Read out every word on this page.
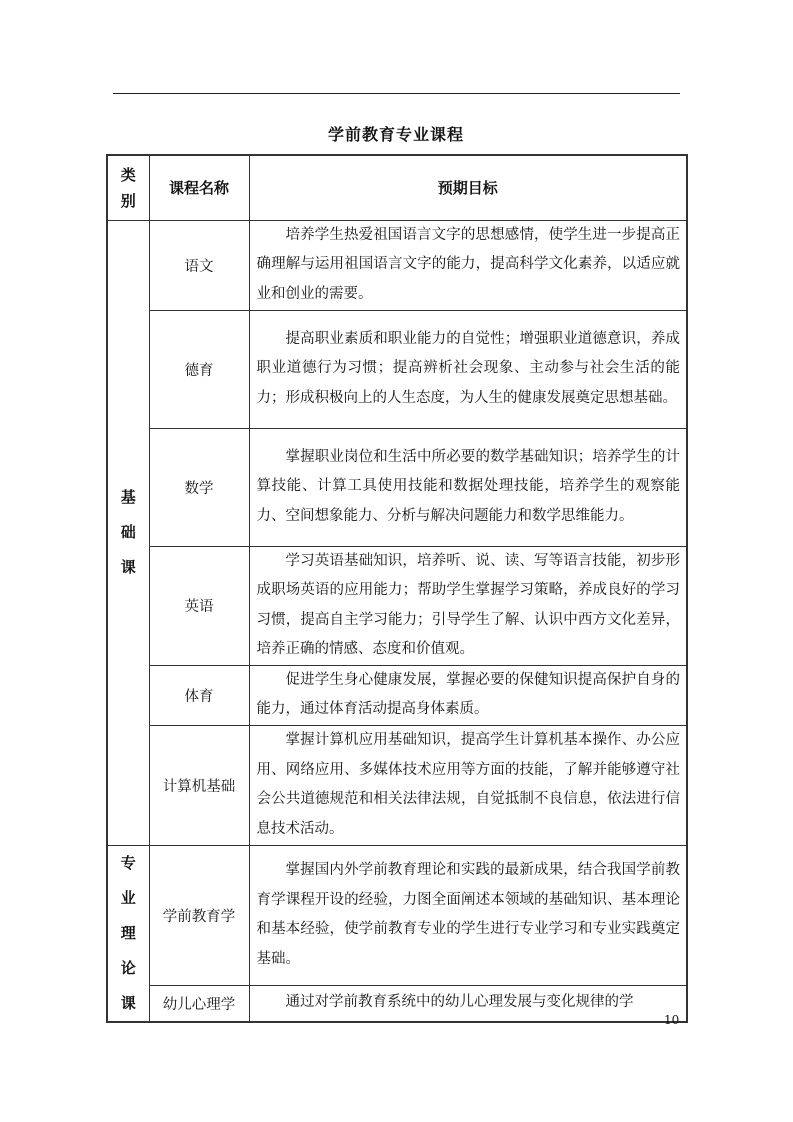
学前教育专业课程
类别	课程名称	预期目标
基础课	语文	培养学生热爱祖国语言文字的思想感情，使学生进一步提高正确理解与运用祖国语言文字的能力，提高科学文化素养，以适应就业和创业的需要。
	德育	提高职业素质和职业能力的自觉性；增强职业道德意识，养成职业道德行为习惯；提高辨析社会现象、主动参与社会生活的能力；形成积极向上的人生态度，为人生的健康发展奠定思想基础。
	数学	掌握职业岗位和生活中所必要的数学基础知识；培养学生的计算技能、计算工具使用技能和数据处理技能，培养学生的观察能力、空间想象能力、分析与解决问题能力和数学思维能力。
	英语	学习英语基础知识，培养听、说、读、写等语言技能，初步形成职场英语的应用能力；帮助学生掌握学习策略，养成良好的学习习惯，提高自主学习能力；引导学生了解、认识中西方文化差异，培养正确的情感、态度和价值观。
	体育	促进学生身心健康发展，掌握必要的保健知识提高保护自身的能力，通过体育活动提高身体素质。
	计算机基础	掌握计算机应用基础知识，提高学生计算机基本操作、办公应用、网络应用、多媒体技术应用等方面的技能，了解并能够遵守社会公共道德规范和相关法律法规，自觉抵制不良信息，依法进行信息技术活动。
专业理论课	学前教育学	掌握国内外学前教育理论和实践的最新成果，结合我国学前教育学课程开设的经验，力图全面阐述本领域的基础知识、基本理论和基本经验，使学前教育专业的学生进行专业学习和专业实践奠定基础。
	幼儿心理学	通过对学前教育系统中的幼儿心理发展与变化规律的学
10
